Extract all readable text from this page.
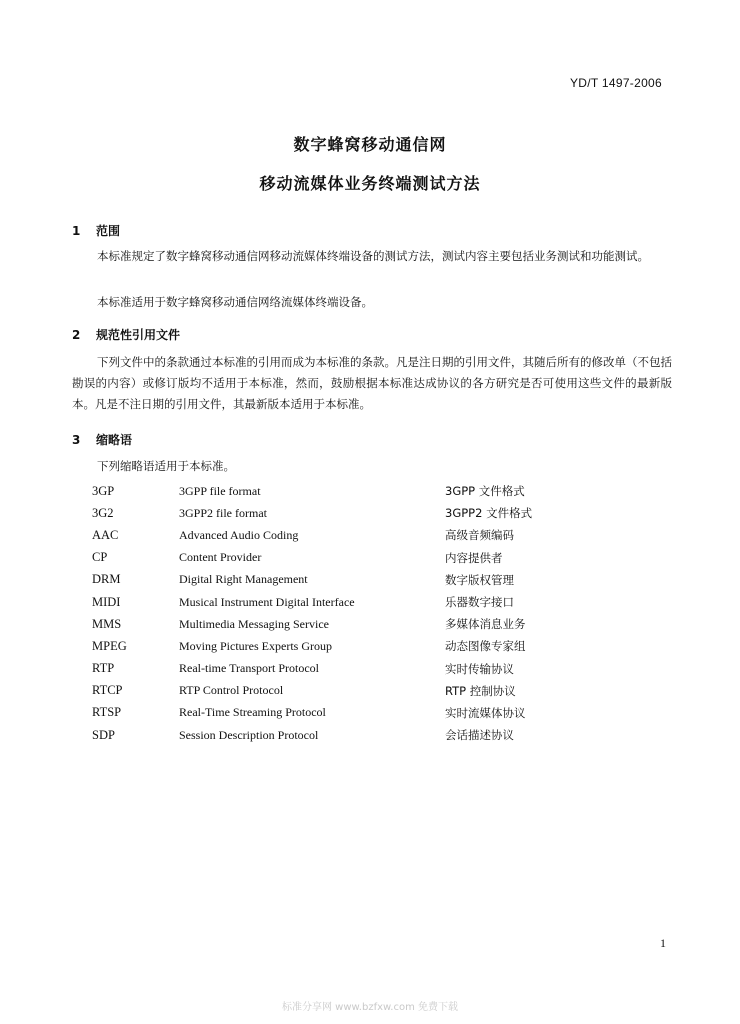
YD/T 1497-2006
数字蜂窝移动通信网
移动流媒体业务终端测试方法
1 范围
本标准规定了数字蜂窝移动通信网移动流媒体终端设备的测试方法，测试内容主要包括业务测试和功能测试。
本标准适用于数字蜂窝移动通信网络流媒体终端设备。
2 规范性引用文件
下列文件中的条款通过本标准的引用而成为本标准的条款。凡是注日期的引用文件，其随后所有的修改单（不包括勘误的内容）或修订版均不适用于本标准，然而，鼓励根据本标准达成协议的各方研究是否可使用这些文件的最新版本。凡是不注日期的引用文件，其最新版本适用于本标准。
3 缩略语
下列缩略语适用于本标准。
3GP	3GPP file format	3GPP 文件格式
3G2	3GPP2 file format	3GPP2 文件格式
AAC	Advanced Audio Coding	高级音频编码
CP	Content Provider	内容提供者
DRM	Digital Right Management	数字版权管理
MIDI	Musical Instrument Digital Interface	乐器数字接口
MMS	Multimedia Messaging Service	多媒体消息业务
MPEG	Moving Pictures Experts Group	动态图像专家组
RTP	Real-time Transport Protocol	实时传输协议
RTCP	RTP Control Protocol	RTP 控制协议
RTSP	Real-Time Streaming Protocol	实时流媒体协议
SDP	Session Description Protocol	会话描述协议
1
标准分享网 www.bzfxw.com 免费下载
